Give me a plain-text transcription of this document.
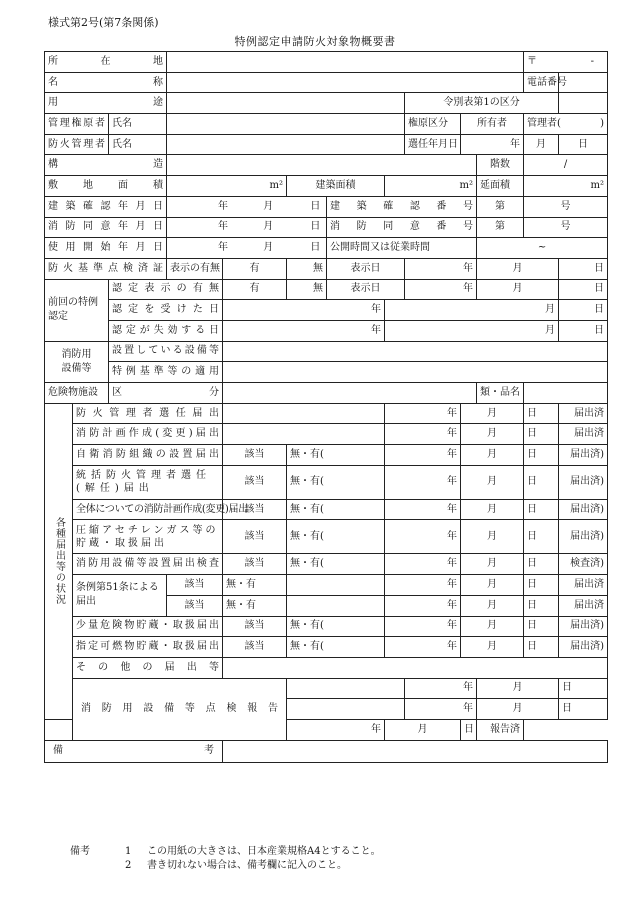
様式第2号(第7条関係)
特例認定申請防火対象物概要書
所在地											〒 -		

名称											電話番号		
用途								令別表第1の区分					
管理権原者		氏名						権原区分	所有者		管理者( )		

防火管理者		氏名						選任年月日	年		月	日	
構造										階数	/		
敷地面積			m²		建築面積		m²			延面積	m²		
建築確認年月日			年 月 日			建築確認番号				第	号		
消防同意年月日			年 月 日			消防同意番号				第	号		
使用開始年月日			年 月 日			公開時間又は従業時間				~			
防火基準点検済証			表示の有無	有	無	表示日		年		月		日	
前回の特例認定		認定表示の有無		有	無	表示日		年		月		日	
		認定を受けた日		年			月					日	
		認定が失効する日		年			月					日	
消防用設備等		設置している設備等											
		特例基準等の適用											
危険物施設		区分								類・品名			
各種届出等の状況	防火管理者選任届出						年		月		日	届出済	
	消防計画作成(変更)届出						年		月		日	届出済	
	自衛消防組織の設置届出			該当	無・有(		年		月		日	届出済)	
	統括防火管理者選任(解任)届出			該当	無・有(		年		月		日	届出済)	
	全体についての消防計画作成(変更)届出			該当	無・有(		年		月		日	届出済)	
	圧縮アセチレンガス等の貯蔵・取扱届出			該当	無・有(		年		月		日	届出済)	
	消防用設備等設置届出検査			該当	無・有(		年		月		日	検査済)	
	条例第51条による届出		該当	無・有			年		月		日	届出済	
			該当	無・有			年		月		日	届出済	
	少量危険物貯蔵・取扱届出			該当	無・有(		年		月		日	届出済)	
	指定可燃物貯蔵・取扱届出			該当	無・有(		年		月		日	届出済)	
	その他の届出等												
	消防用設備等点検報告							年		月		日	
								年		月		日	
					年		月		日	報告済			
備考													
備考	1	この用紙の大きさは、日本産業規格A4とすること。
2	書き切れない場合は、備考欄に記入のこと。
